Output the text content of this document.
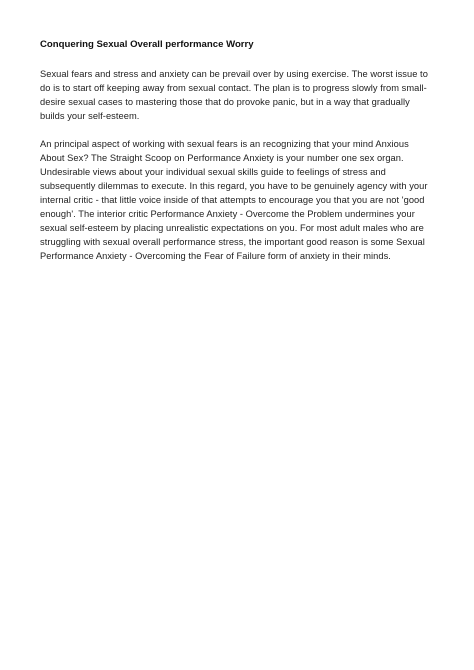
Conquering Sexual Overall performance Worry

Sexual fears and stress and anxiety can be prevail over by using exercise. The worst issue to
do is to start off keeping away from sexual contact. The plan is to progress slowly from small-
desire sexual cases to mastering those that do provoke panic, but in a way that gradually
builds your self-esteem.

An principal aspect of working with sexual fears is an recognizing that your mind Anxious
About Sex? The Straight Scoop on Performance Anxiety is your number one sex organ.
Undesirable views about your individual sexual skills guide to feelings of stress and
subsequently dilemmas to execute. In this regard, you have to be genuinely agency with your
internal critic - that little voice inside of that attempts to encourage you that you are not 'good
enough'. The interior critic Performance Anxiety - Overcome the Problem undermines your
sexual self-esteem by placing unrealistic expectations on you. For most adult males who are
struggling with sexual overall performance stress, the important good reason is some Sexual
Performance Anxiety - Overcoming the Fear of Failure form of anxiety in their minds.
